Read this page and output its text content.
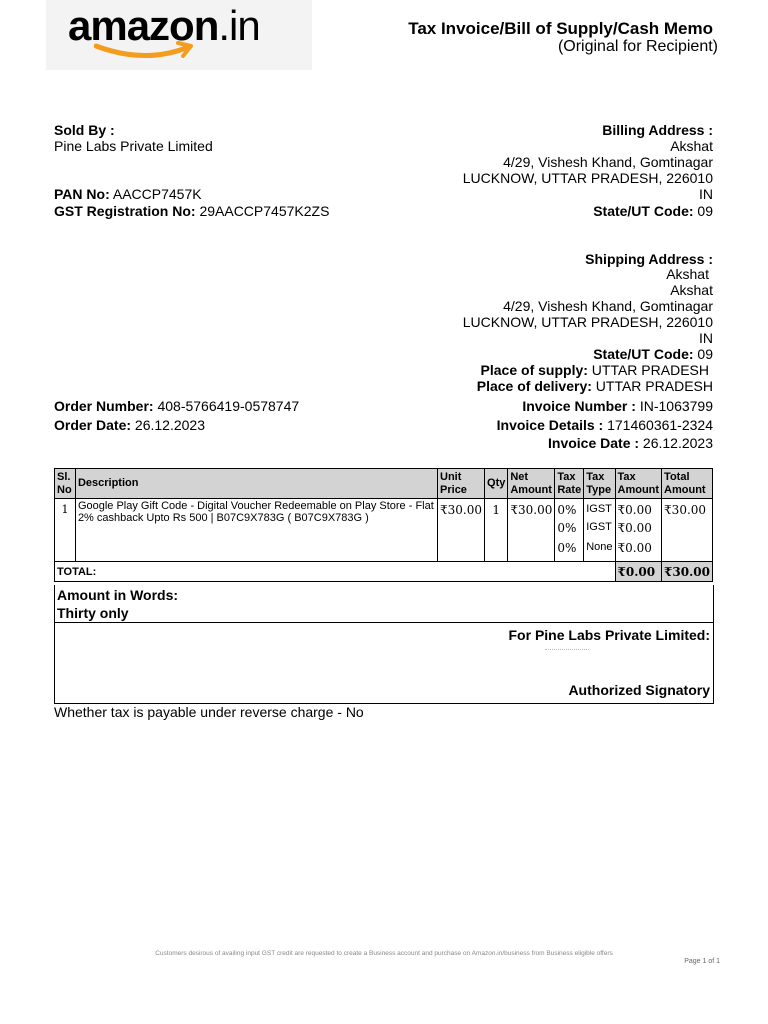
amazon.in	Tax Invoice/Bill of Supply/Cash Memo
(Original for Recipient)
Sold By :
Pine Labs Private Limited
PAN No: AACCP7457K
GST Registration No: 29AACCP7457K2ZS
Billing Address :
Akshat
4/29, Vishesh Khand, Gomtinagar
LUCKNOW, UTTAR PRADESH, 226010
IN
State/UT Code: 09
Shipping Address :
Akshat
Akshat
4/29, Vishesh Khand, Gomtinagar
LUCKNOW, UTTAR PRADESH, 226010
IN
State/UT Code: 09
Place of supply: UTTAR PRADESH
Place of delivery: UTTAR PRADESH
Order Number: 408-5766419-0578747
Order Date: 26.12.2023
Invoice Number : IN-1063799
Invoice Details : 171460361-2324
Invoice Date : 26.12.2023
Sl. No	Description	Unit Price	Qty	Net Amount	Tax Rate	Tax Type	Tax Amount	Total Amount
1	Google Play Gift Code - Digital Voucher Redeemable on Play Store - Flat 2% cashback Upto Rs 500 | B07C9X783G ( B07C9X783G )	₹30.00	1	₹30.00	0%	IGST	₹0.00	₹30.00
					0%	IGST	₹0.00	
					0%	None	₹0.00	
TOTAL:							₹0.00	₹30.00
Amount in Words:
Thirty only
For Pine Labs Private Limited:
Authorized Signatory
Whether tax is payable under reverse charge - No
Customers desirous of availing input GST credit are requested to create a Business account and purchase on Amazon.in/business from Business eligible offers
Page 1 of 1
